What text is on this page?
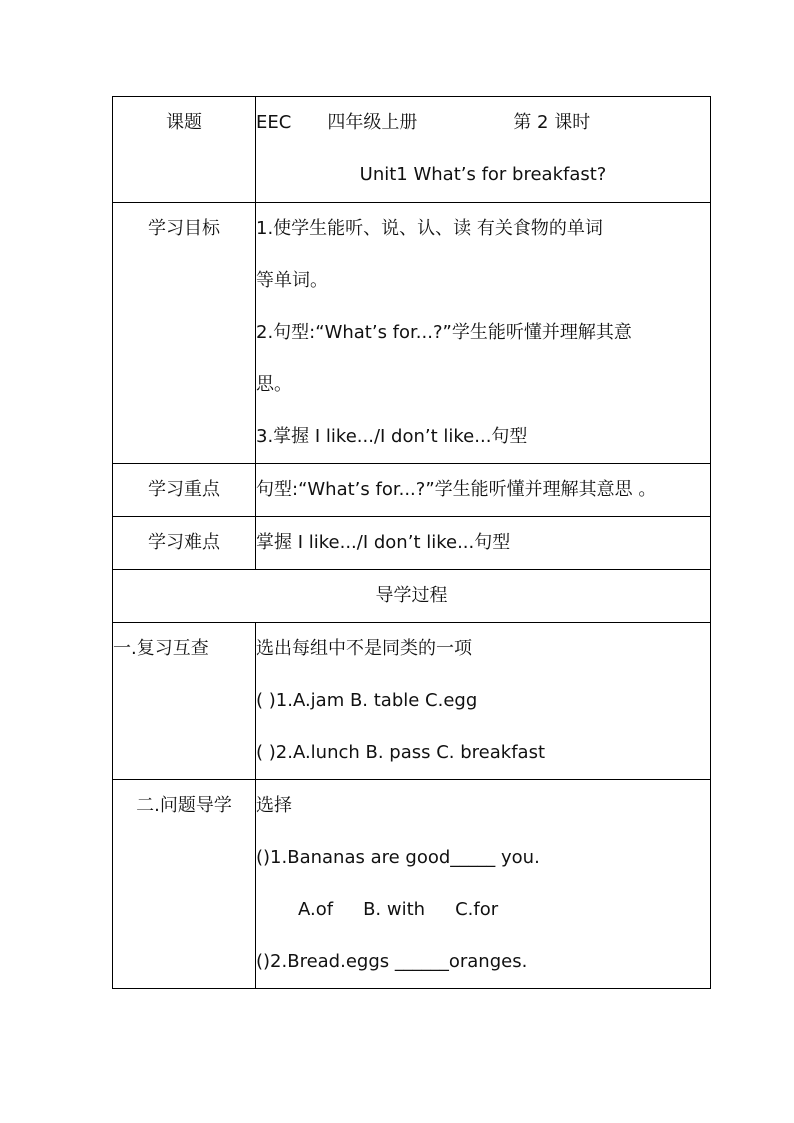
课题	EEC 四年级上册 第 2 课时
Unit1 What’s for breakfast?

学习目标	1.使学生能听、说、认、读 有关食物的单词
等单词。
2.句型:“What’s for...?”学生能听懂并理解其意
思。
3.掌握 I like.../I don’t like...句型

学习重点	句型:“What’s for...?”学生能听懂并理解其意思 。

学习难点	掌握 I like.../I don’t like...句型

导学过程	

一.复习互查	选出每组中不是同类的一项
( )1.A.jam B. table C.egg
( )2.A.lunch B. pass C. breakfast

二.问题导学	选择
()1.Bananas are good_____ you.
A.of B. with C.for
()2.Bread.eggs ______oranges.
